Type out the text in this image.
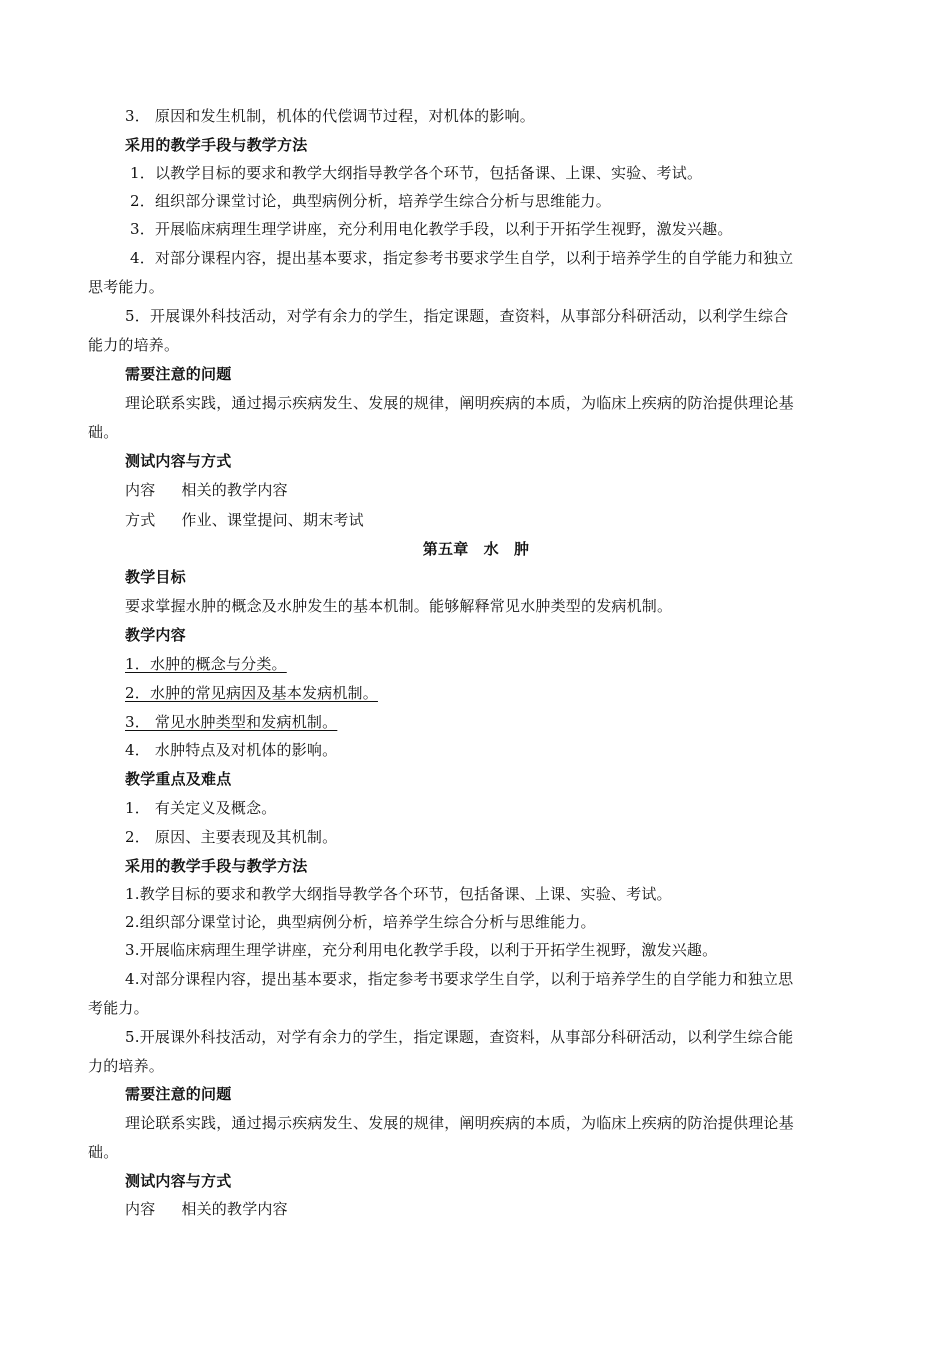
3． 原因和发生机制，机体的代偿调节过程，对机体的影响。
采用的教学手段与教学方法
1．以教学目标的要求和教学大纲指导教学各个环节，包括备课、上课、实验、考试。
2．组织部分课堂讨论，典型病例分析，培养学生综合分析与思维能力。
3．开展临床病理生理学讲座，充分利用电化教学手段，以利于开拓学生视野，激发兴趣。
4．对部分课程内容，提出基本要求，指定参考书要求学生自学，以利于培养学生的自学能力和独立
思考能力。
5．开展课外科技活动，对学有余力的学生，指定课题，查资料，从事部分科研活动，以利学生综合
能力的培养。
需要注意的问题
理论联系实践，通过揭示疾病发生、发展的规律，阐明疾病的本质，为临床上疾病的防治提供理论基
础。
测试内容与方式
内容 相关的教学内容
方式 作业、课堂提问、期末考试
第五章　水　肿
教学目标
要求掌握水肿的概念及水肿发生的基本机制。能够解释常见水肿类型的发病机制。
教学内容
1．水肿的概念与分类。
2．水肿的常见病因及基本发病机制。
3． 常见水肿类型和发病机制。
4． 水肿特点及对机体的影响。
教学重点及难点
1． 有关定义及概念。
2． 原因、主要表现及其机制。
采用的教学手段与教学方法
1.教学目标的要求和教学大纲指导教学各个环节，包括备课、上课、实验、考试。
2.组织部分课堂讨论，典型病例分析，培养学生综合分析与思维能力。
3.开展临床病理生理学讲座，充分利用电化教学手段，以利于开拓学生视野，激发兴趣。
4.对部分课程内容，提出基本要求，指定参考书要求学生自学，以利于培养学生的自学能力和独立思
考能力。
5.开展课外科技活动，对学有余力的学生，指定课题，查资料，从事部分科研活动，以利学生综合能
力的培养。
需要注意的问题
理论联系实践，通过揭示疾病发生、发展的规律，阐明疾病的本质，为临床上疾病的防治提供理论基
础。
测试内容与方式
内容 相关的教学内容
